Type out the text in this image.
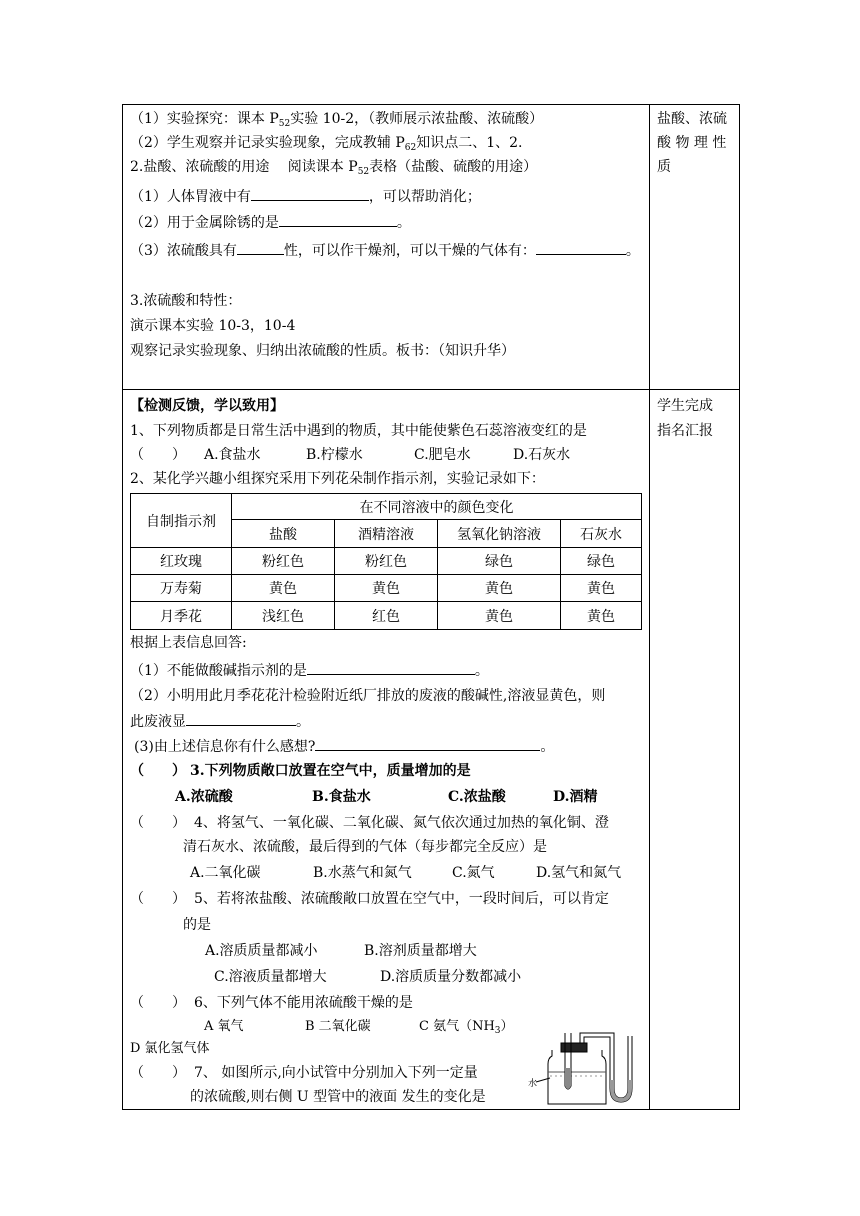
（1）实验探究：课本 $P_{52}$实验 10-2，（教师展示浓盐酸、浓硫酸）
（2）学生观察并记录实验现象，完成教辅 $P_{62}$知识点二、1、2.
2.盐酸、浓硫酸的用途 　阅读课本 $P_{52}$表格（盐酸、硫酸的用途）
（1）人体胃液中有	，可以帮助消化；
（2）用于金属除锈的是	。
（3）浓硫酸具有	性，可以作干燥剂，可以干燥的气体有：	。
3.浓硫酸和特性：
演示课本实验 10-3，10-4
观察记录实验现象、归纳出浓硫酸的性质。板书：（知识升华）
盐酸、浓硫
酸 物 理 性
质
【检测反馈，学以致用】
1、下列物质都是日常生活中遇到的物质，其中能使紫色石蕊溶液变红的是
（　　） A.食盐水	B.柠檬水	C.肥皂水	D.石灰水
2、某化学兴趣小组探究采用下列花朵制作指示剂，实验记录如下：
自制指示剂	在不同溶液中的颜色变化			
	盐酸	酒精溶液	氢氧化钠溶液	石灰水
红玫瑰	粉红色	粉红色	绿色	绿色
万寿菊	黄色	黄色	黄色	黄色
月季花	浅红色	红色	黄色	黄色
根据上表信息回答:
（1）不能做酸碱指示剂的是	。
（2）小明用此月季花花汁检验附近纸厂排放的废液的酸碱性,溶液显黄色，则
此废液显	。
(3)由上述信息你有什么感想?	。
（　　） 3.下列物质敞口放置在空气中，质量增加的是
A.浓硫酸	B.食盐水	C.浓盐酸	D.酒精
（　　） 4、将氢气、一氧化碳、二氧化碳、氮气依次通过加热的氧化铜、澄
清石灰水、浓硫酸，最后得到的气体（每步都完全反应）是
A.二氧化碳	B.水蒸气和氮气	C.氮气	D.氢气和氮气
（　　） 5、若将浓盐酸、浓硫酸敞口放置在空气中，一段时间后，可以肯定
的是
A.溶质质量都减小	B.溶剂质量都增大
C.溶液质量都增大	D.溶质质量分数都减小
（　　） 6、下列气体不能用浓硫酸干燥的是
A 氧气	B 二氧化碳	C 氨气$(NH_3)$
D 氯化氢气体
（　　） 7、 如图所示,向小试管中分别加入下列一定量
的浓硫酸,则右侧 U 型管中的液面 发生的变化是
学生完成
指名汇报
水
